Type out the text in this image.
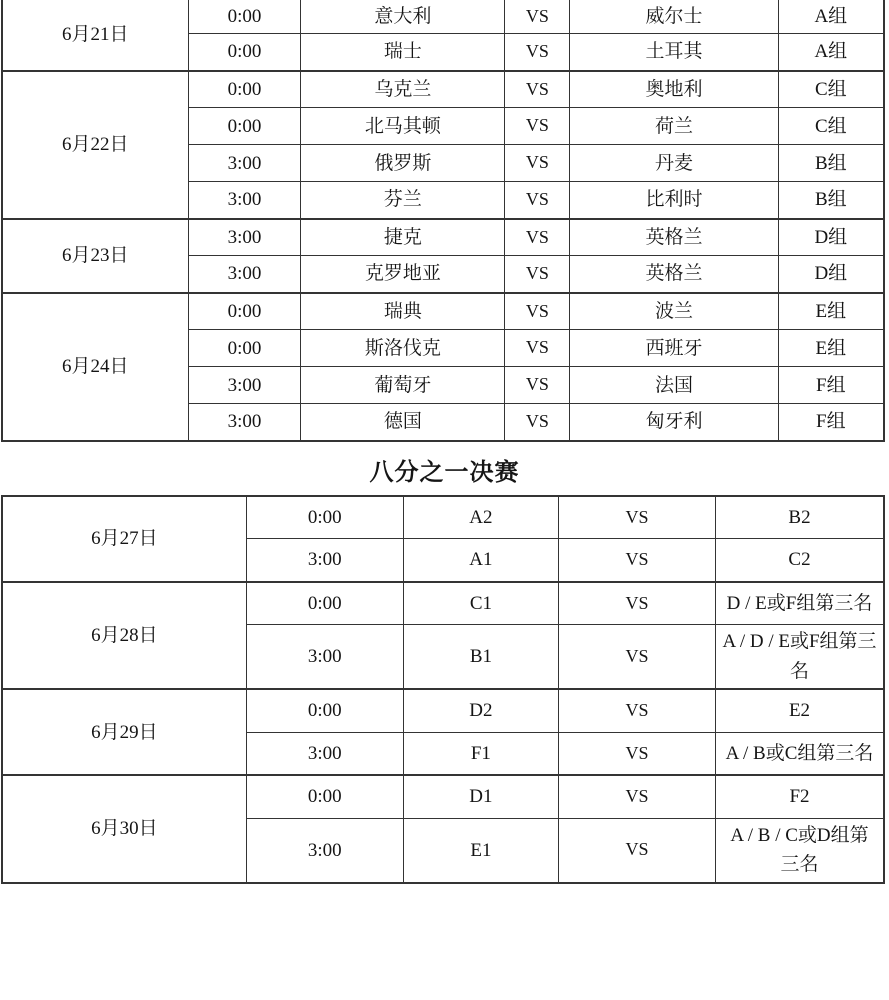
6月21日	0:00	意大利	VS	威尔士	A组
	0:00	瑞士	VS	土耳其	A组
6月22日	0:00	乌克兰	VS	奥地利	C组
	0:00	北马其顿	VS	荷兰	C组
	3:00	俄罗斯	VS	丹麦	B组
	3:00	芬兰	VS	比利时	B组
6月23日	3:00	捷克	VS	英格兰	D组
	3:00	克罗地亚	VS	英格兰	D组
6月24日	0:00	瑞典	VS	波兰	E组
	0:00	斯洛伐克	VS	西班牙	E组
	3:00	葡萄牙	VS	法国	F组
	3:00	德国	VS	匈牙利	F组
八分之一决赛
6月27日	0:00	A2	VS	B2
	3:00	A1	VS	C2
6月28日	0:00	C1	VS	D / E或F组第三名
	3:00	B1	VS	A / D / E或F组第三名
6月29日	0:00	D2	VS	E2
	3:00	F1	VS	A / B或C组第三名
6月30日	0:00	D1	VS	F2
	3:00	E1	VS	A / B / C或D组第三名
